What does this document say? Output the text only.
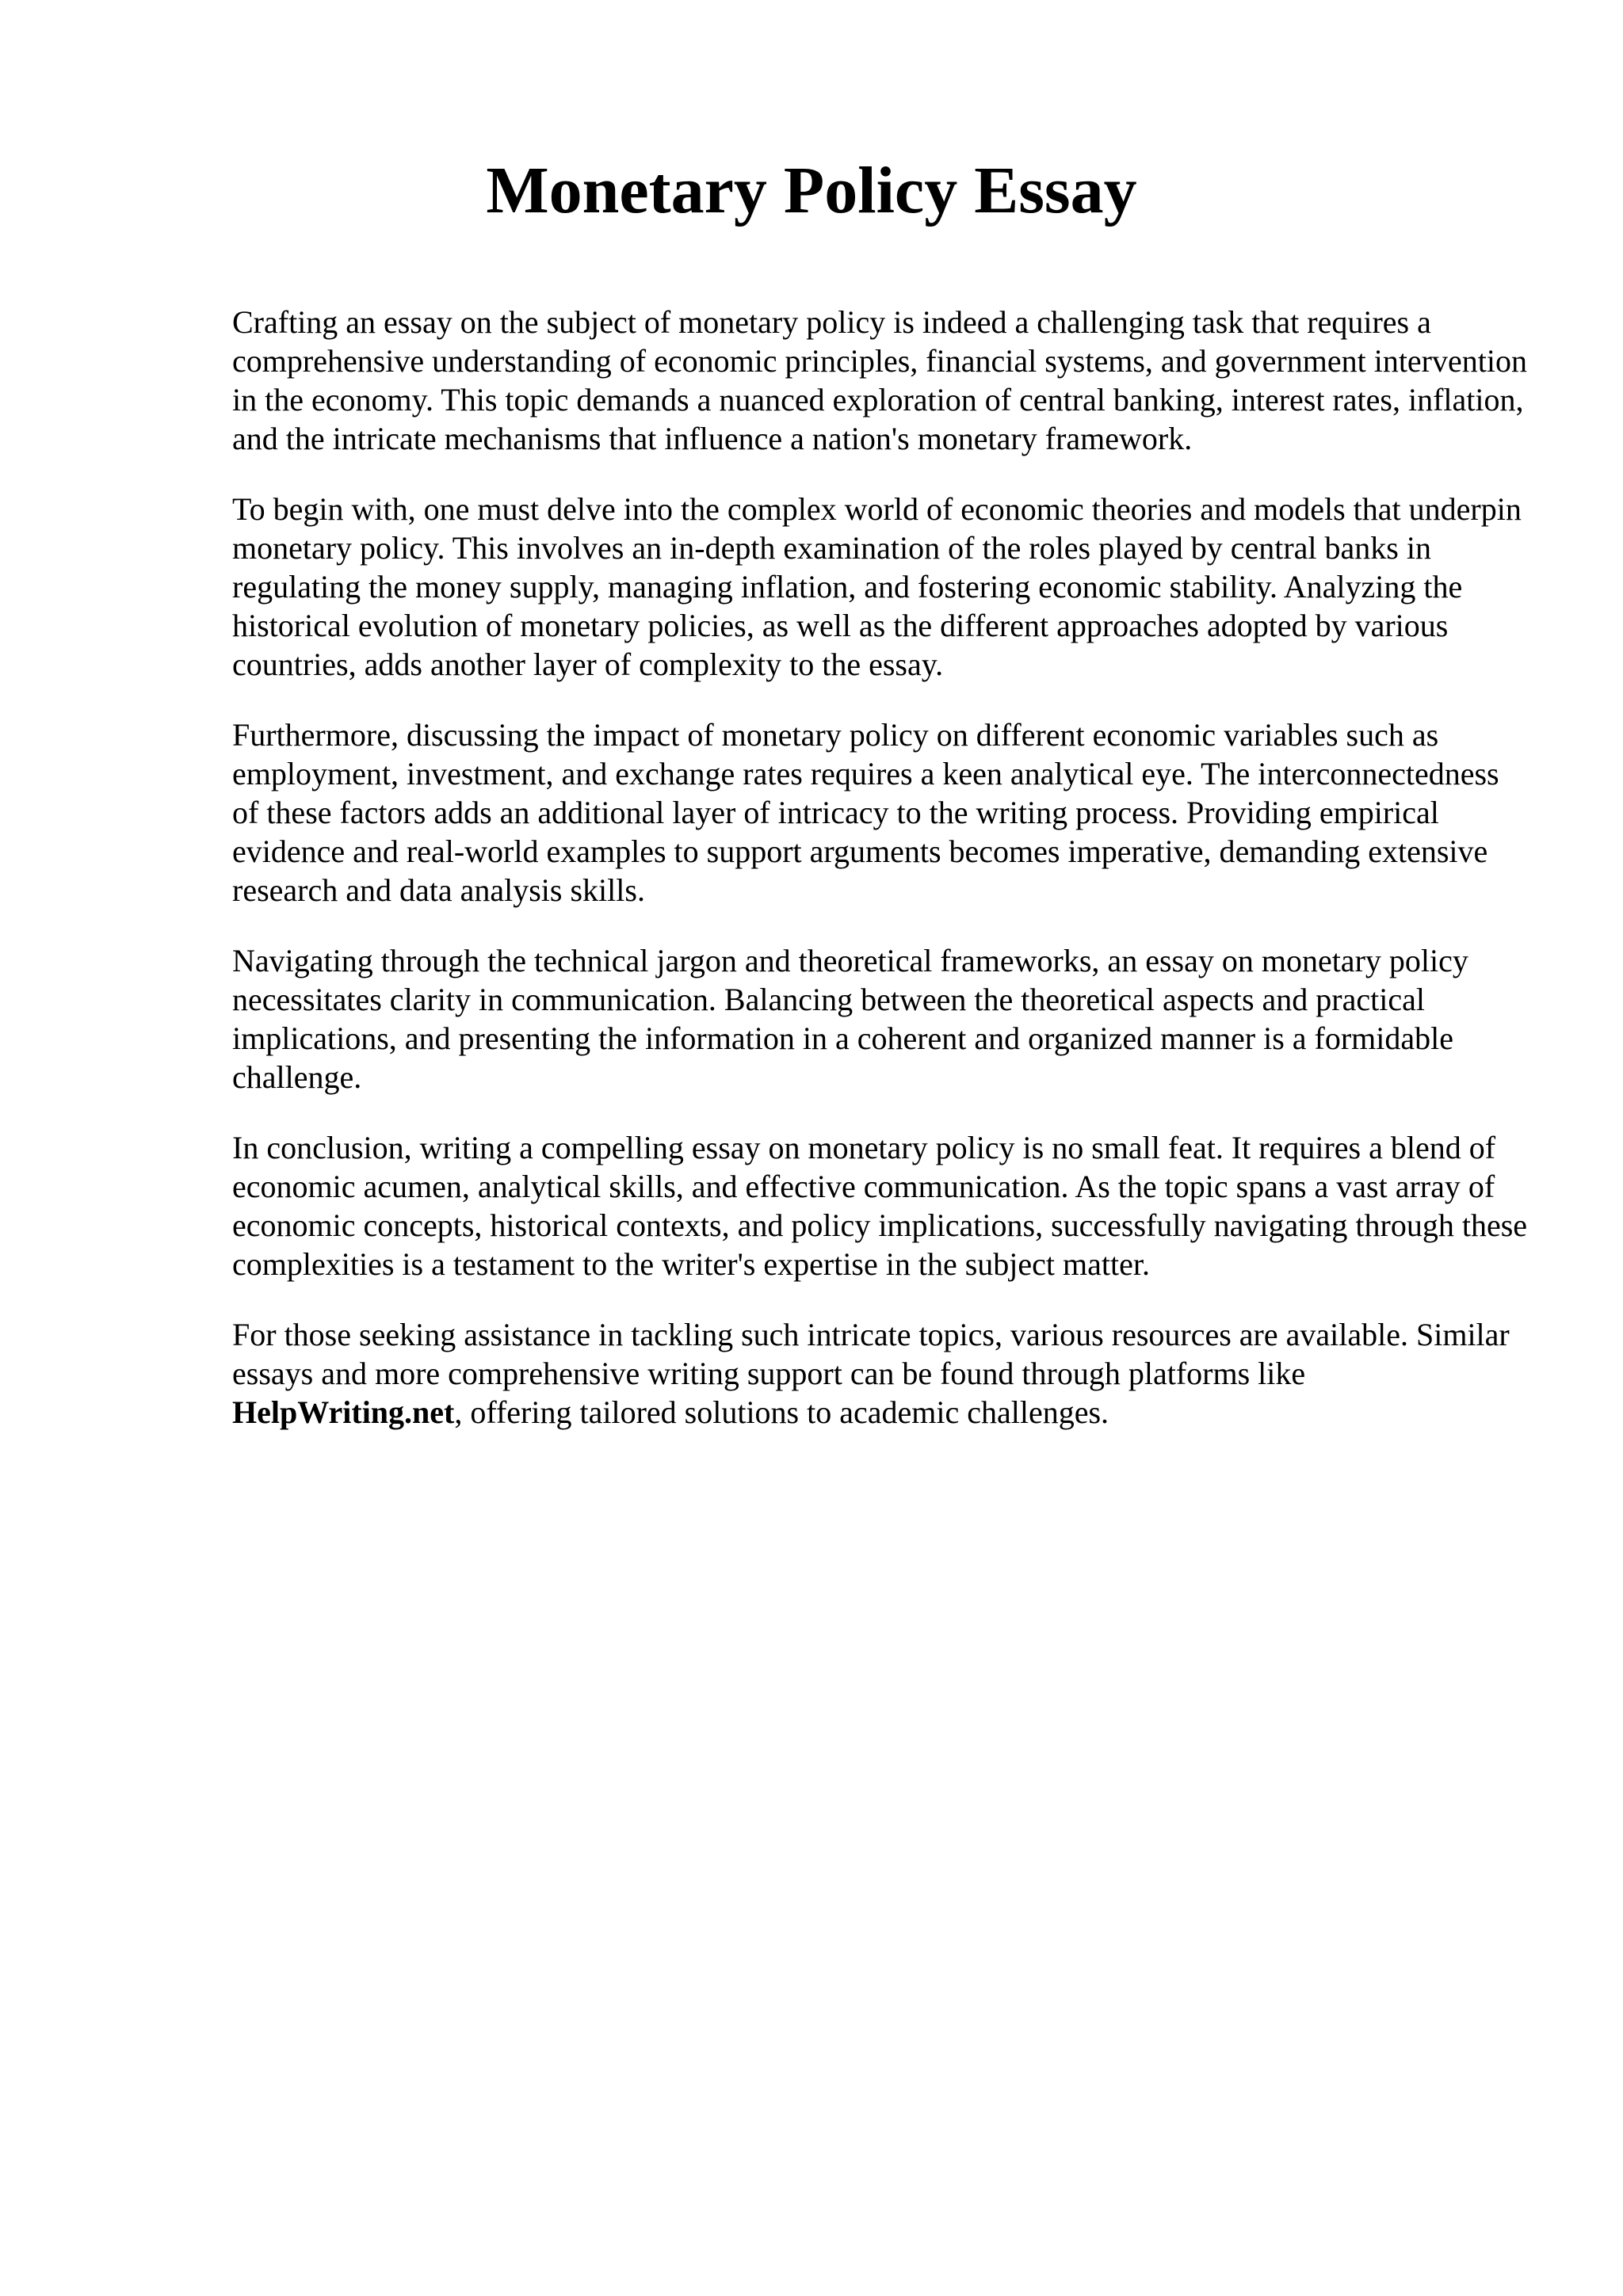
Monetary Policy Essay

Crafting an essay on the subject of monetary policy is indeed a challenging task that requires a comprehensive understanding of economic principles, financial systems, and government intervention in the economy. This topic demands a nuanced exploration of central banking, interest rates, inflation, and the intricate mechanisms that influence a nation's monetary framework.

To begin with, one must delve into the complex world of economic theories and models that underpin monetary policy. This involves an in-depth examination of the roles played by central banks in regulating the money supply, managing inflation, and fostering economic stability. Analyzing the historical evolution of monetary policies, as well as the different approaches adopted by various countries, adds another layer of complexity to the essay.

Furthermore, discussing the impact of monetary policy on different economic variables such as employment, investment, and exchange rates requires a keen analytical eye. The interconnectedness of these factors adds an additional layer of intricacy to the writing process. Providing empirical evidence and real-world examples to support arguments becomes imperative, demanding extensive research and data analysis skills.

Navigating through the technical jargon and theoretical frameworks, an essay on monetary policy necessitates clarity in communication. Balancing between the theoretical aspects and practical implications, and presenting the information in a coherent and organized manner is a formidable challenge.

In conclusion, writing a compelling essay on monetary policy is no small feat. It requires a blend of economic acumen, analytical skills, and effective communication. As the topic spans a vast array of economic concepts, historical contexts, and policy implications, successfully navigating through these complexities is a testament to the writer's expertise in the subject matter.

For those seeking assistance in tackling such intricate topics, various resources are available. Similar essays and more comprehensive writing support can be found through platforms like HelpWriting.net, offering tailored solutions to academic challenges.
